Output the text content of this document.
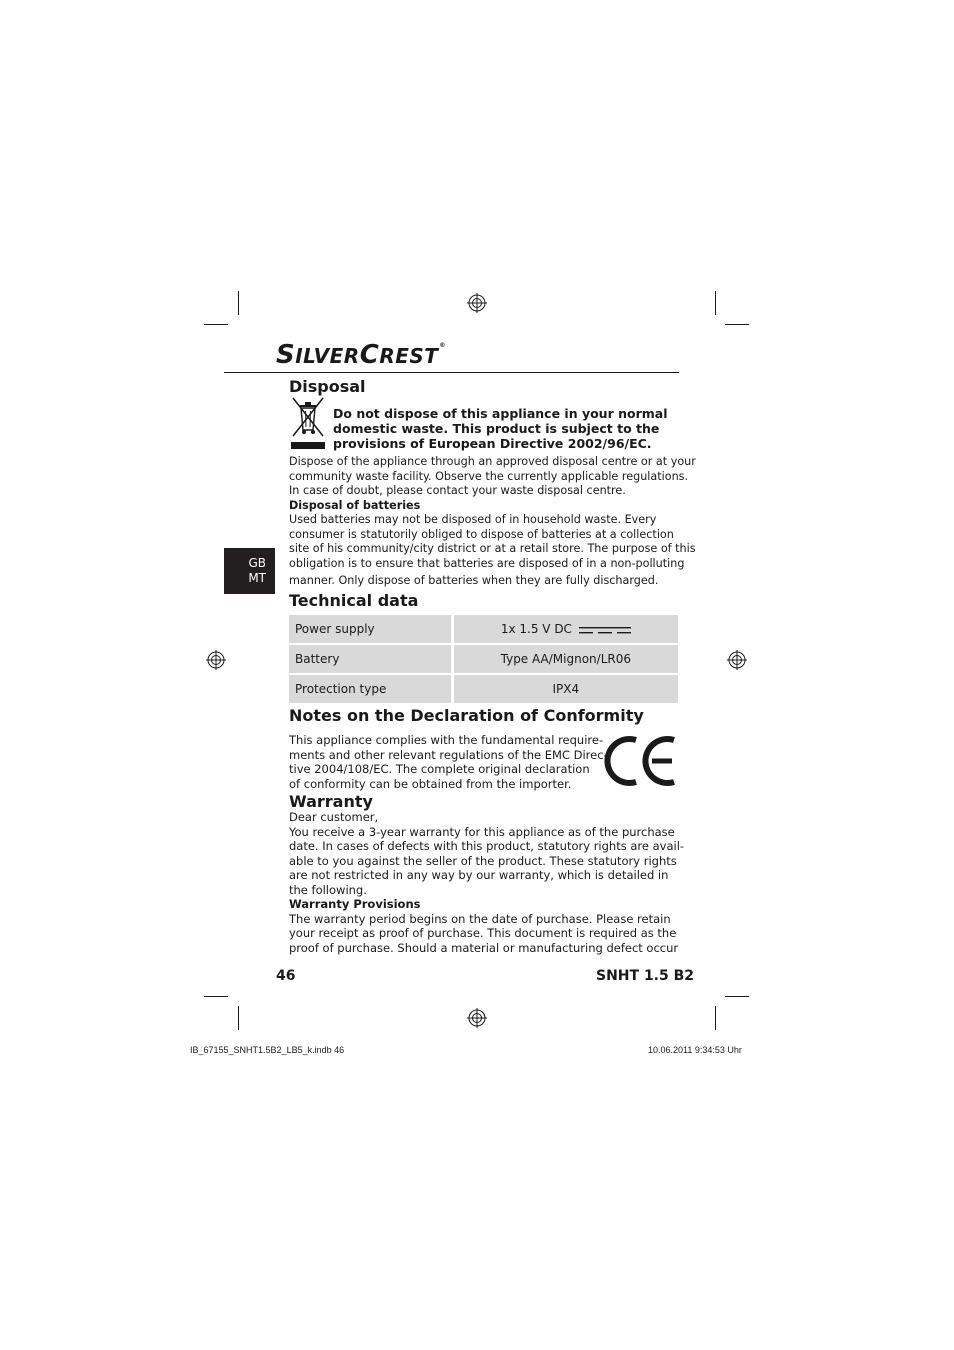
SILVERCREST®
Disposal
Do not dispose of this appliance in your normal
domestic waste. This product is subject to the
provisions of European Directive 2002/96/EC.
Dispose of the appliance through an approved disposal centre or at your
community waste facility. Observe the currently applicable regulations.
In case of doubt, please contact your waste disposal centre.
Disposal of batteries
Used batteries may not be disposed of in household waste. Every
consumer is statutorily obliged to dispose of batteries at a collection
site of his community/city district or at a retail store. The purpose of this
obligation is to ensure that batteries are disposed of in a non-polluting
manner. Only dispose of batteries when they are fully discharged.
GB
MT
Technical data
Power supply	1x 1.5 V DC
Battery	Type AA/Mignon/LR06
Protection type	IPX4
Notes on the Declaration of Conformity
This appliance complies with the fundamental require-
ments and other relevant regulations of the EMC Direc-
tive 2004/108/EC. The complete original declaration
of conformity can be obtained from the importer.
Warranty
Dear customer,
You receive a 3-year warranty for this appliance as of the purchase
date. In cases of defects with this product, statutory rights are avail-
able to you against the seller of the product. These statutory rights
are not restricted in any way by our warranty, which is detailed in
the following.
Warranty Provisions
The warranty period begins on the date of purchase. Please retain
your receipt as proof of purchase. This document is required as the
proof of purchase. Should a material or manufacturing defect occur
46	SNHT 1.5 B2
IB_67155_SNHT1.5B2_LB5_k.indb 46	10.06.2011 9:34:53 Uhr
